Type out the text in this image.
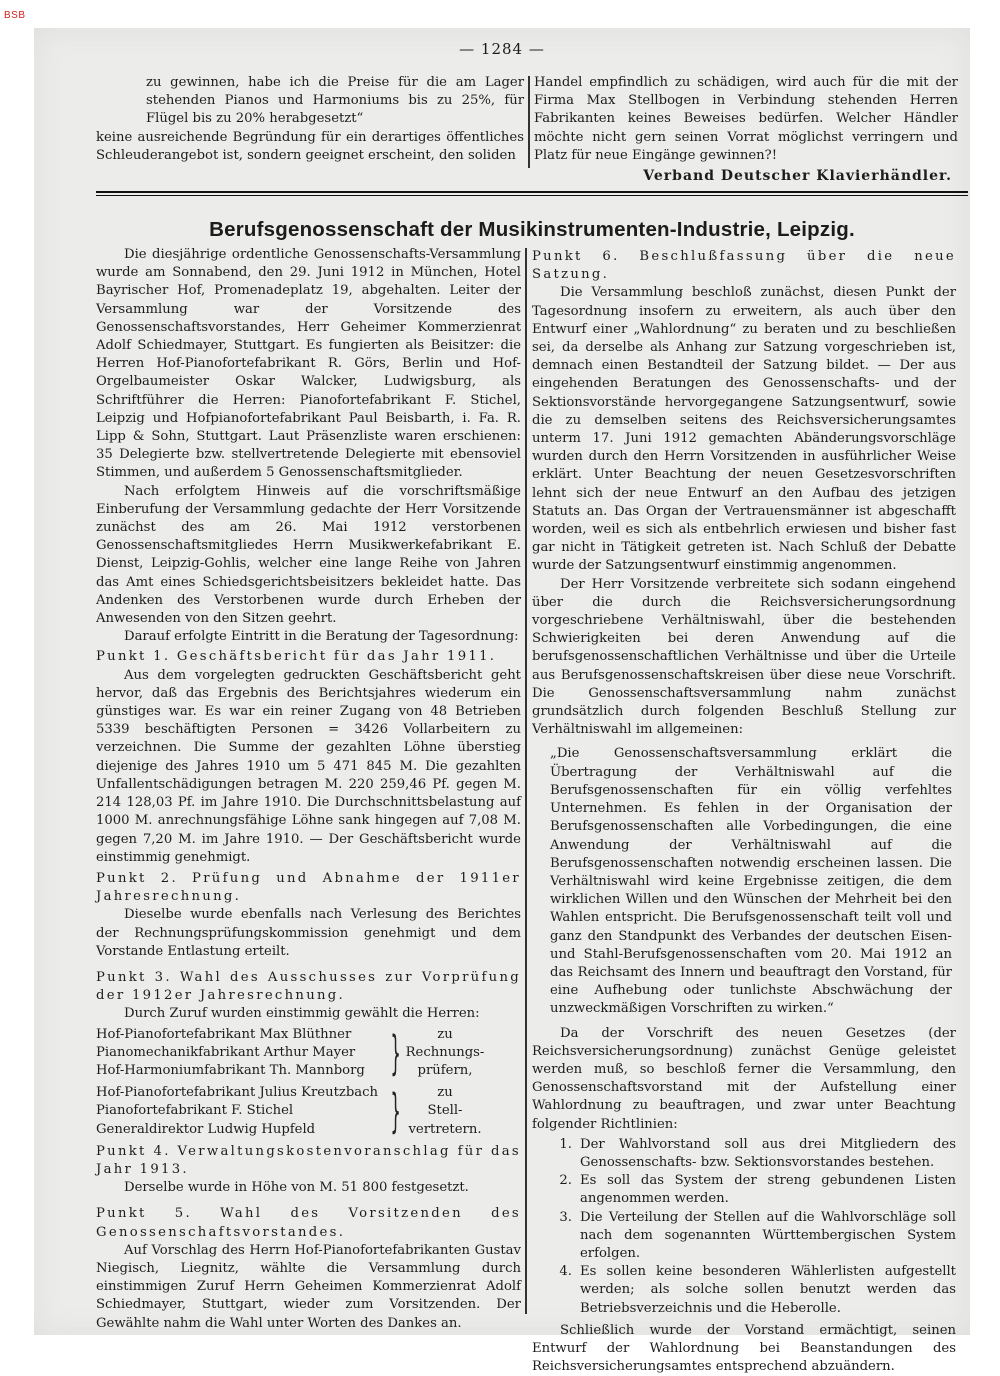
BSB
— 1284 —

zu gewinnen, habe ich die Preise für die am Lager stehenden Pianos und Harmoniums bis zu 25%, für Flügel bis zu 20% herabgesetzt“

keine ausreichende Begründung für ein derartiges öffentliches Schleuderangebot ist, sondern geeignet erscheint, den soliden

Handel empfindlich zu schädigen, wird auch für die mit der Firma Max Stellbogen in Verbindung stehenden Herren Fabrikanten keines Beweises bedürfen. Welcher Händler möchte nicht gern seinen Vorrat möglichst verringern und Platz für neue Eingänge gewinnen?!

Verband Deutscher Klavierhändler.
Berufsgenossenschaft der Musikinstrumenten-Industrie, Leipzig.

Die diesjährige ordentliche Genossenschafts-Versammlung wurde am Sonnabend, den 29. Juni 1912 in München, Hotel Bayrischer Hof, Promenadeplatz 19, abgehalten. Leiter der Versammlung war der Vorsitzende des Genossenschaftsvorstandes, Herr Geheimer Kommerzienrat Adolf Schiedmayer, Stuttgart. Es fungierten als Beisitzer: die Herren Hof-Pianofortefabrikant R. Görs, Berlin und Hof-Orgelbaumeister Oskar Walcker, Ludwigsburg, als Schriftführer die Herren: Pianofortefabrikant F. Stichel, Leipzig und Hofpianofortefabrikant Paul Beisbarth, i. Fa. R. Lipp & Sohn, Stuttgart. Laut Präsenzliste waren erschienen: 35 Delegierte bzw. stellvertretende Delegierte mit ebensoviel Stimmen, und außerdem 5 Genossenschaftsmitglieder.

Nach erfolgtem Hinweis auf die vorschriftsmäßige Einberufung der Versammlung gedachte der Herr Vorsitzende zunächst des am 26. Mai 1912 verstorbenen Genossenschaftsmitgliedes Herrn Musikwerkefabrikant E. Dienst, Leipzig-Gohlis, welcher eine lange Reihe von Jahren das Amt eines Schiedsgerichtsbeisitzers bekleidet hatte. Das Andenken des Verstorbenen wurde durch Erheben der Anwesenden von den Sitzen geehrt.

Darauf erfolgte Eintritt in die Beratung der Tagesordnung:

Punkt 1. Geschäftsbericht für das Jahr 1911.

Aus dem vorgelegten gedruckten Geschäftsbericht geht hervor, daß das Ergebnis des Berichtsjahres wiederum ein günstiges war. Es war ein reiner Zugang von 48 Betrieben 5339 beschäftigten Personen = 3426 Vollarbeitern zu verzeichnen. Die Summe der gezahlten Löhne überstieg diejenige des Jahres 1910 um 5 471 845 M. Die gezahlten Unfallentschädigungen betragen M. 220 259,46 Pf. gegen M. 214 128,03 Pf. im Jahre 1910. Die Durchschnittsbelastung auf 1000 M. anrechnungsfähige Löhne sank hingegen auf 7,08 M. gegen 7,20 M. im Jahre 1910. — Der Geschäftsbericht wurde einstimmig genehmigt.

Punkt 2. Prüfung und Abnahme der 1911er Jahresrechnung.

Dieselbe wurde ebenfalls nach Verlesung des Berichtes der Rechnungsprüfungskommission genehmigt und dem Vorstande Entlastung erteilt.

Punkt 3. Wahl des Ausschusses zur Vorprüfung der 1912er Jahresrechnung.

Durch Zuruf wurden einstimmig gewählt die Herren:

Hof-Pianofortefabrikant Max Blüthner
Pianomechanikfabrikant Arthur Mayer
Hof-Harmoniumfabrikant Th. Mannborg }	zu
Rechnungs-
prüfern,
Hof-Pianofortefabrikant Julius Kreutzbach
Pianofortefabrikant F. Stichel
Generaldirektor Ludwig Hupfeld	}	zu
Stell-
vertretern.

Punkt 4. Verwaltungskostenvoranschlag für das Jahr 1913.

Derselbe wurde in Höhe von M. 51 800 festgesetzt.

Punkt 5. Wahl des Vorsitzenden des Genossenschaftsvorstandes.

Auf Vorschlag des Herrn Hof-Pianofortefabrikanten Gustav Niegisch, Liegnitz, wählte die Versammlung durch einstimmigen Zuruf Herrn Geheimen Kommerzienrat Adolf Schiedmayer, Stuttgart, wieder zum Vorsitzenden. Der Gewählte nahm die Wahl unter Worten des Dankes an.

Punkt 6. Beschlußfassung über die neue Satzung.

Die Versammlung beschloß zunächst, diesen Punkt der Tagesordnung insofern zu erweitern, als auch über den Entwurf einer „Wahlordnung“ zu beraten und zu beschließen sei, da derselbe als Anhang zur Satzung vorgeschrieben ist, demnach einen Bestandteil der Satzung bildet. — Der aus eingehenden Beratungen des Genossenschafts- und der Sektionsvorstände hervorgegangene Satzungsentwurf, sowie die zu demselben seitens des Reichsversicherungsamtes unterm 17. Juni 1912 gemachten Abänderungsvorschläge wurden durch den Herrn Vorsitzenden in ausführlicher Weise erklärt. Unter Beachtung der neuen Gesetzesvorschriften lehnt sich der neue Entwurf an den Aufbau des jetzigen Statuts an. Das Organ der Vertrauensmänner ist abgeschafft worden, weil es sich als entbehrlich erwiesen und bisher fast gar nicht in Tätigkeit getreten ist. Nach Schluß der Debatte wurde der Satzungsentwurf einstimmig angenommen.

Der Herr Vorsitzende verbreitete sich sodann eingehend über die durch die Reichsversicherungsordnung vorgeschriebene Verhältniswahl, über die bestehenden Schwierigkeiten bei deren Anwendung auf die berufsgenossenschaftlichen Verhältnisse und über die Urteile aus Berufsgenossenschaftskreisen über diese neue Vorschrift. Die Genossenschaftsversammlung nahm zunächst grundsätzlich durch folgenden Beschluß Stellung zur Verhältniswahl im allgemeinen:

„Die Genossenschaftsversammlung erklärt die Übertragung der Verhältniswahl auf die Berufsgenossenschaften für ein völlig verfehltes Unternehmen. Es fehlen in der Organisation der Berufsgenossenschaften alle Vorbedingungen, die eine Anwendung der Verhältniswahl auf die Berufsgenossenschaften notwendig erscheinen lassen. Die Verhältniswahl wird keine Ergebnisse zeitigen, die dem wirklichen Willen und den Wünschen der Mehrheit bei den Wahlen entspricht. Die Berufsgenossenschaft teilt voll und ganz den Standpunkt des Verbandes der deutschen Eisen- und Stahl-Berufsgenossenschaften vom 20. Mai 1912 an das Reichsamt des Innern und beauftragt den Vorstand, für eine Aufhebung oder tunlichste Abschwächung der unzweckmäßigen Vorschriften zu wirken.“

Da der Vorschrift des neuen Gesetzes (der Reichsversicherungsordnung) zunächst Genüge geleistet werden muß, so beschloß ferner die Versammlung, den Genossenschaftsvorstand mit der Aufstellung einer Wahlordnung zu beauftragen, und zwar unter Beachtung folgender Richtlinien:

1. Der Wahlvorstand soll aus drei Mitgliedern des Genossenschafts- bzw. Sektionsvorstandes bestehen.
2. Es soll das System der streng gebundenen Listen angenommen werden.
3. Die Verteilung der Stellen auf die Wahlvorschläge soll nach dem sogenannten Württembergischen System erfolgen.
4. Es sollen keine besonderen Wählerlisten aufgestellt werden; als solche sollen benutzt werden das Betriebsverzeichnis und die Heberolle.

Schließlich wurde der Vorstand ermächtigt, seinen Entwurf der Wahlordnung bei Beanstandungen des Reichsversicherungsamtes entsprechend abzuändern.
